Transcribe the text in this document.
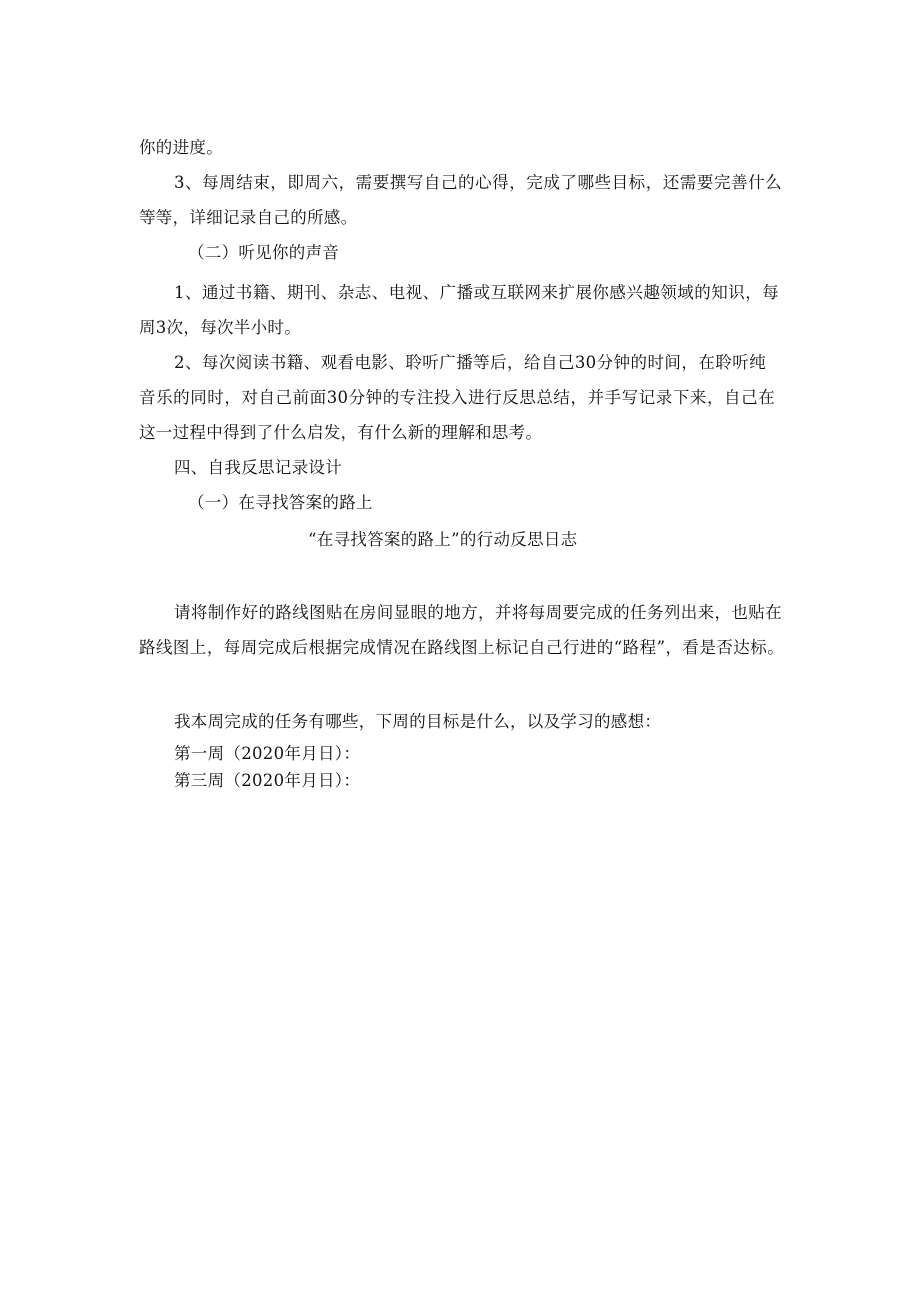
你的进度。
3、每周结束，即周六，需要撰写自己的心得，完成了哪些目标，还需要完善什么
等等，详细记录自己的所感。
（二）听见你的声音
1、通过书籍、期刊、杂志、电视、广播或互联网来扩展你感兴趣领域的知识，每
周3次，每次半小时。
2、每次阅读书籍、观看电影、聆听广播等后，给自己30分钟的时间，在聆听纯
音乐的同时，对自己前面30分钟的专注投入进行反思总结，并手写记录下来，自己在
这一过程中得到了什么启发，有什么新的理解和思考。
四、自我反思记录设计
（一）在寻找答案的路上
“在寻找答案的路上”的行动反思日志
请将制作好的路线图贴在房间显眼的地方，并将每周要完成的任务列出来，也贴在
路线图上，每周完成后根据完成情况在路线图上标记自己行进的“路程”，看是否达标。
我本周完成的任务有哪些，下周的目标是什么，以及学习的感想：
第一周（2020年月日）：
第三周（2020年月日）：
